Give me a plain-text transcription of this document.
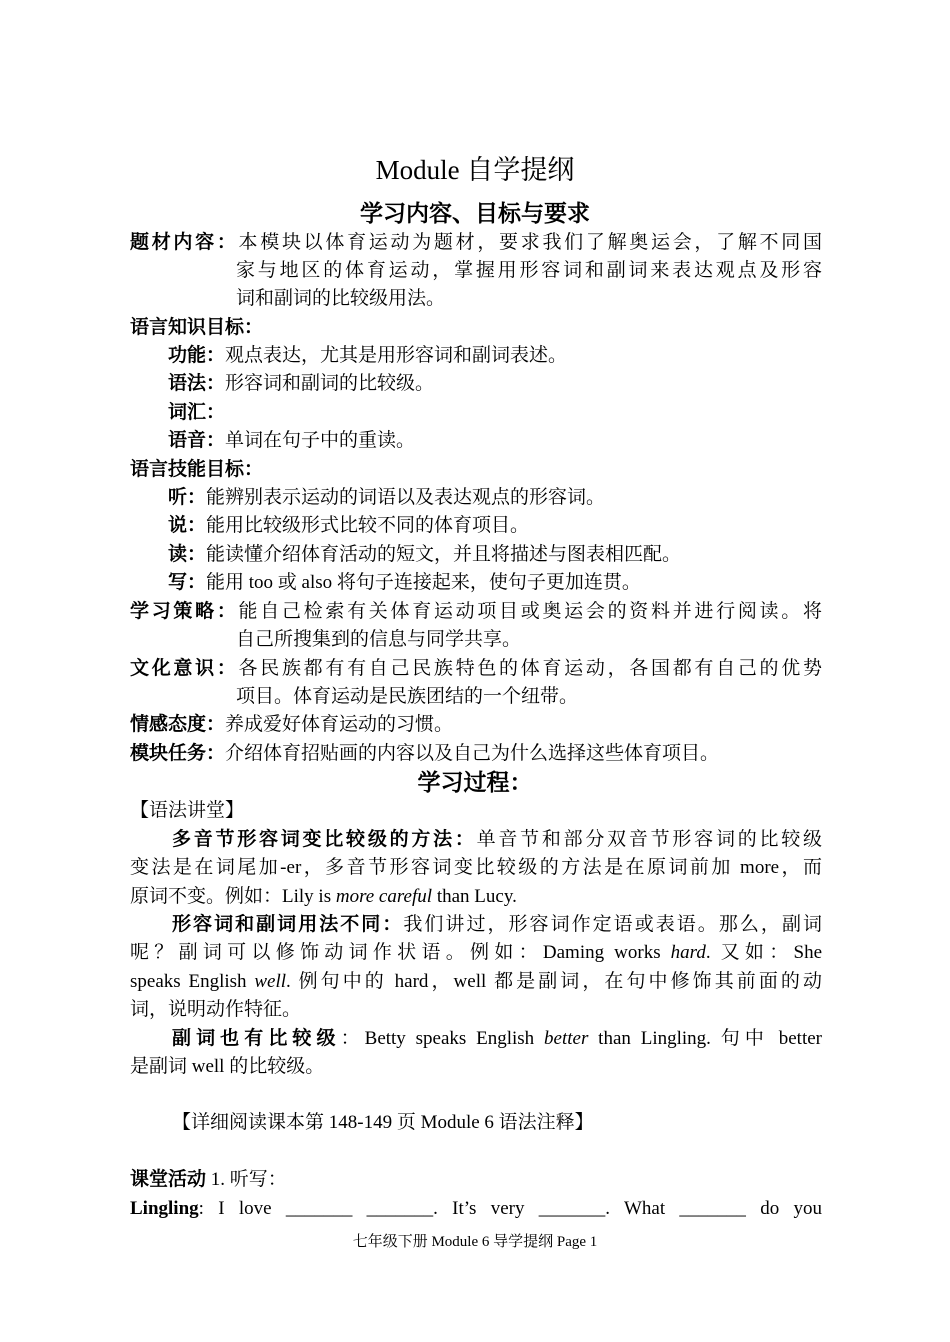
Module 自学提纲
学习内容、目标与要求
题材内容：本模块以体育运动为题材，要求我们了解奥运会，了解不同国
家与地区的体育运动，掌握用形容词和副词来表达观点及形容
词和副词的比较级用法。
语言知识目标：
功能：观点表达，尤其是用形容词和副词表述。
语法：形容词和副词的比较级。
词汇：
语音：单词在句子中的重读。
语言技能目标：
听：能辨别表示运动的词语以及表达观点的形容词。
说：能用比较级形式比较不同的体育项目。
读：能读懂介绍体育活动的短文，并且将描述与图表相匹配。
写：能用 too 或 also 将句子连接起来，使句子更加连贯。
学习策略：能自己检索有关体育运动项目或奥运会的资料并进行阅读。将
自己所搜集到的信息与同学共享。
文化意识：各民族都有有自己民族特色的体育运动，各国都有自己的优势
项目。体育运动是民族团结的一个纽带。
情感态度：养成爱好体育运动的习惯。
模块任务：介绍体育招贴画的内容以及自己为什么选择这些体育项目。
学习过程：
【语法讲堂】
多音节形容词变比较级的方法：单音节和部分双音节形容词的比较级
变法是在词尾加-er，多音节形容词变比较级的方法是在原词前加 more，而
原词不变。例如：Lily is more careful than Lucy.
形容词和副词用法不同：我们讲过，形容词作定语或表语。那么，副词
呢？副词可以修饰动词作状语。例如：Daming works hard. 又如：She
speaks English well. 例句中的 hard，well 都是副词，在句中修饰其前面的动
词，说明动作特征。
副词也有比较级：Betty speaks English better than Lingling. 句中 better
是副词 well 的比较级。
【详细阅读课本第 148-149 页 Module 6 语法注释】
课堂活动 1. 听写：
Lingling: I love _______ _______. It’s very _______. What _______ do you
七年级下册 Module 6 导学提纲 Page 1
